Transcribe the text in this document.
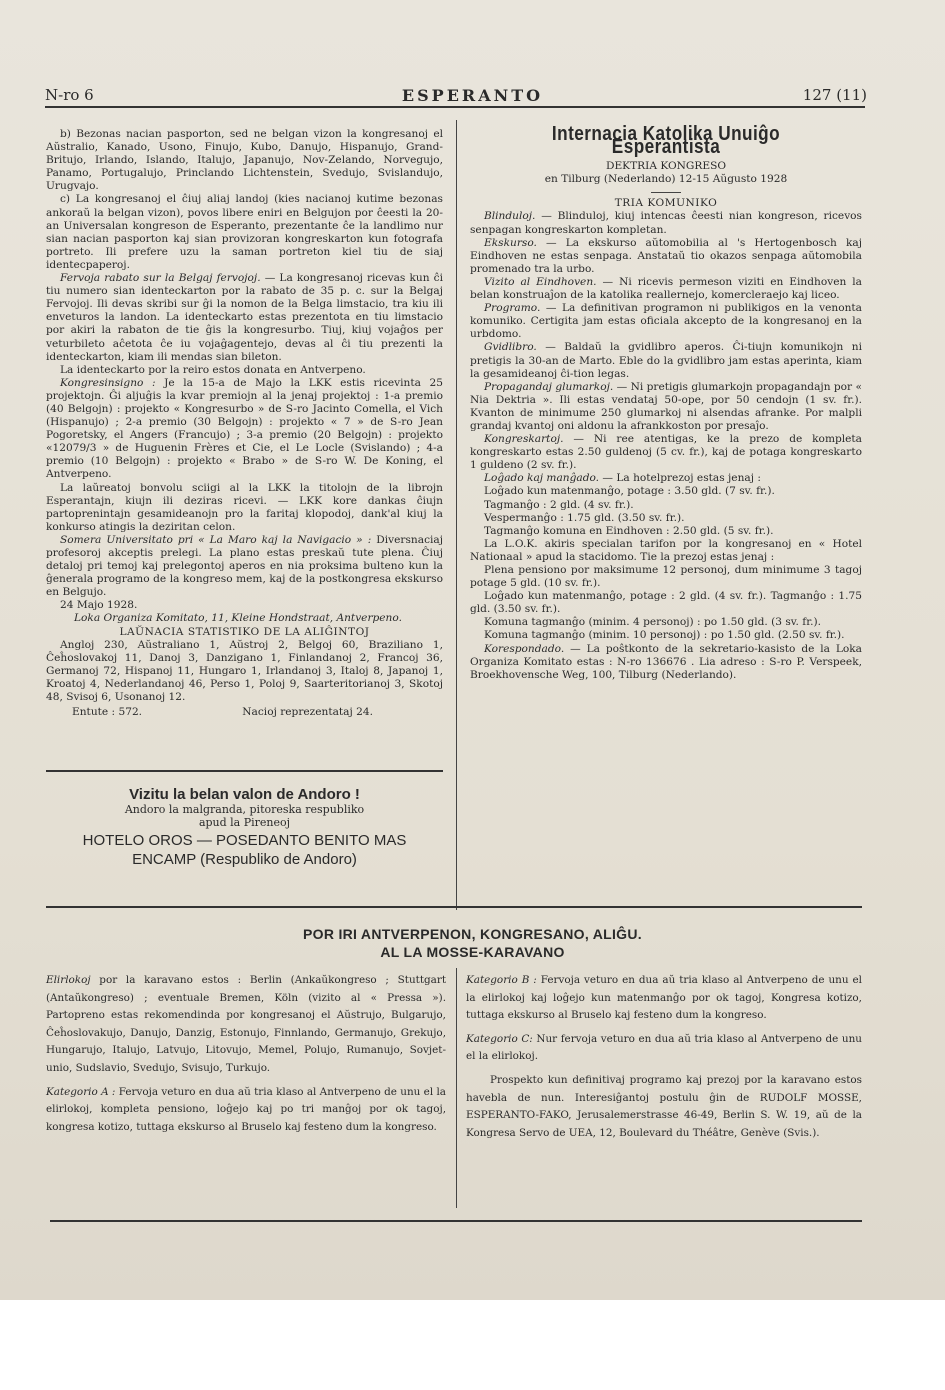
N-ro 6	ESPERANTO	127 (11)

b) Bezonas nacian pasporton, sed ne belgan vizon la kongresanoj el Aŭstralio, Kanado, Usono, Finujo, Kubo, Danujo, Hispanujo, Grand-Britujo, Irlando, Islando, Italujo, Japanujo, Nov-Zelando, Norvegujo, Panamo, Portugalujo, Princlando Lichtenstein, Svedujo, Svislandujo, Urugvajo.

c) La kongresanoj el ĉiuj aliaj landoj (kies nacianoj kutime bezonas ankoraŭ la belgan vizon), povos libere eniri en Belgujon por ĉeesti la 20-an Universalan kongreson de Esperanto, prezentante ĉe la landlimo nur sian nacian pasporton kaj sian provizoran kongreskarton kun fotografa portreto. Ili prefere uzu la saman portreton kiel tiu de siaj identecpaperoj.

Fervoja rabato sur la Belgaj fervojoj. — La kongresanoj ricevas kun ĉi tiu numero sian identeckarton por la rabato de 35 p. c. sur la Belgaj Fervojoj. Ili devas skribi sur ĝi la nomon de la Belga limstacio, tra kiu ili enveturos la landon. La identeckarto estas prezentota en tiu limstacio por akiri la rabaton de tie ĝis la kongresurbo. Tiuj, kiuj vojaĝos per veturbileto aĉetota ĉe iu vojaĝagentejo, devas al ĉi tiu prezenti la identeckarton, kiam ili mendas sian bileton.

La identeckarto por la reiro estos donata en Antverpeno.

Kongresinsigno : Je la 15-a de Majo la LKK estis ricevinta 25 projektojn. Ĝi aljuĝis la kvar premiojn al la jenaj projektoj : 1-a premio (40 Belgojn) : projekto « Kongresurbo » de S-ro Jacinto Comella, el Vich (Hispanujo) ; 2-a premio (30 Belgojn) : projekto « 7 » de S-ro Jean Pogoretsky, el Angers (Francujo) ; 3-a premio (20 Belgojn) : projekto «12079/3 » de Huguenin Frères et Cie, el Le Locle (Svislando) ; 4-a premio (10 Belgojn) : projekto « Brabo » de S-ro W. De Koning, el Antverpeno.

La laŭreatoj bonvolu sciigi al la LKK la titolojn de la librojn Esperantajn, kiujn ili deziras ricevi. — LKK kore dankas ĉiujn partoprenintajn gesamideanojn pro la faritaj klopodoj, dank'al kiuj la konkurso atingis la deziritan celon.

Somera Universitato pri « La Maro kaj la Navigacio » : Diversnaciaj profesoroj akceptis prelegi. La plano estas preskaŭ tute plena. Ĉiuj detaloj pri temoj kaj prelegontoj aperos en nia proksima bulteno kun la ĝenerala programo de la kongreso mem, kaj de la postkongresa ekskurso en Belgujo.

24 Majo 1928.

Loka Organiza Komitato, 11, Kleine Hondstraat, Antverpeno.

LAŬNACIA STATISTIKO DE LA ALIĜINTOJ

Angloj 230, Aŭstraliano 1, Aŭstroj 2, Belgoj 60, Braziliano 1, Ĉeĥoslovakoj 11, Danoj 3, Danzigano 1, Finlandanoj 2, Francoj 36, Germanoj 72, Hispanoj 11, Hungaro 1, Irlandanoj 3, Italoj 8, Japanoj 1, Kroatoj 4, Nederlandanoj 46, Perso 1, Poloj 9, Saarteritorianoj 3, Skotoj 48, Svisoj 6, Usonanoj 12.

Entute : 572.	Nacioj reprezentataj 24.
Vizitu la belan valon de Andoro !
Andoro la malgranda, pitoreska respubliko
apud la Pireneoj
HOTELO OROS — POSEDANTO BENITO MAS
ENCAMP (Respubliko de Andoro)
Internacia Katolika Unuiĝo Esperantista

DEKTRIA KONGRESO

en Tilburg (Nederlando) 12-15 Aŭgusto 1928

TRIA KOMUNIKO

Blinduloj. — Blinduloj, kiuj intencas ĉeesti nian kongreson, ricevos senpagan kongreskarton kompletan.

Ekskurso. — La ekskurso aŭtomobilia al 's Hertogenbosch kaj Eindhoven ne estas senpaga. Anstataŭ tio okazos senpaga aŭtomobila promenado tra la urbo.

Vizito al Eindhoven. — Ni ricevis permeson viziti en Eindhoven la belan konstruaĵon de la katolika reallernejo, komercleraejo kaj liceo.

Programo. — La definitivan programon ni publikigos en la venonta komuniko. Certigita jam estas oficiala akcepto de la kongresanoj en la urbdomo.

Gvidlibro. — Baldaŭ la gvidlibro aperos. Ĉi-tiujn komunikojn ni pretigis la 30-an de Marto. Eble do la gvidlibro jam estas aperinta, kiam la gesamideanoj ĉi-tion legas.

Propagandaj glumarkoj. — Ni pretigis glumarkojn propagandajn por « Nia Dektria ». Ili estas vendataj 50-ope, por 50 cendojn (1 sv. fr.). Kvanton de minimume 250 glumarkoj ni alsendas afranke. Por malpli grandaj kvantoj oni aldonu la afrankkoston por presaĵo.

Kongreskartoj. — Ni ree atentigas, ke la prezo de kompleta kongreskarto estas 2.50 guldenoj (5 cv. fr.), kaj de potaga kongreskarto 1 guldeno (2 sv. fr.).

Loĝado kaj manĝado. — La hotelprezoj estas jenaj :

Loĝado kun matenmanĝo, potage : 3.50 gld. (7 sv. fr.).

Tagmanĝo : 2 gld. (4 sv. fr.).

Vespermanĝo : 1.75 gld. (3.50 sv. fr.).

Tagmanĝo komuna en Eindhoven : 2.50 gld. (5 sv. fr.).

La L.O.K. akiris specialan tarifon por la kongresanoj en « Hotel Nationaal » apud la stacidomo. Tie la prezoj estas jenaj :

Plena pensiono por maksimume 12 personoj, dum minimume 3 tagoj potage 5 gld. (10 sv. fr.).

Loĝado kun matenmanĝo, potage : 2 gld. (4 sv. fr.). Tagmanĝo : 1.75 gld. (3.50 sv. fr.).

Komuna tagmanĝo (minim. 4 personoj) : po 1.50 gld. (3 sv. fr.).

Komuna tagmanĝo (minim. 10 personoj) : po 1.50 gld. (2.50 sv. fr.).

Korespondado. — La poŝtkonto de la sekretario-kasisto de la Loka Organiza Komitato estas : N-ro 136676 . Lia adreso : S-ro P. Verspeek, Broekhovensche Weg, 100, Tilburg (Nederlando).

POR IRI ANTVERPENON, KONGRESANO, ALIĜU.
AL LA MOSSE-KARAVANO

Elirlokoj por la karavano estos : Berlin (Ankaŭkongreso ; Stuttgart (Antaŭkongreso) ; eventuale Bremen, Köln (vizito al « Pressa »). Partopreno estas rekomendinda por kongresanoj el Aŭstrujo, Bulgarujo, Ĉeĥoslovakujo, Danujo, Danzig, Estonujo, Finnlando, Germanujo, Grekujo, Hungarujo, Italujo, Latvujo, Litovujo, Memel, Polujo, Rumanujo, Sovjet-unio, Sudslavio, Svedujo, Svisujo, Turkujo.

Kategorio A : Fervoja veturo en dua aŭ tria klaso al Antverpeno de unu el la elirlokoj, kompleta pensiono, loĝejo kaj po tri manĝoj por ok tagoj, kongresa kotizo, tuttaga ekskurso al Bruselo kaj festeno dum la kongreso.

Kategorio B : Fervoja veturo en dua aŭ tria klaso al Antverpeno de unu el la elirlokoj kaj loĝejo kun matenmanĝo por ok tagoj, Kongresa kotizo, tuttaga ekskurso al Bruselo kaj festeno dum la kongreso.

Kategorio C: Nur fervoja veturo en dua aŭ tria klaso al Antverpeno de unu el la elirlokoj.

Prospekto kun definitivaj programo kaj prezoj por la karavano estos havebla de nun. Interesiĝantoj postulu ĝin de RUDOLF MOSSE, ESPERANTO-FAKO, Jerusalemerstrasse 46-49, Berlin S. W. 19, aŭ de la Kongresa Servo de UEA, 12, Boulevard du Théâtre, Genève (Svis.).
